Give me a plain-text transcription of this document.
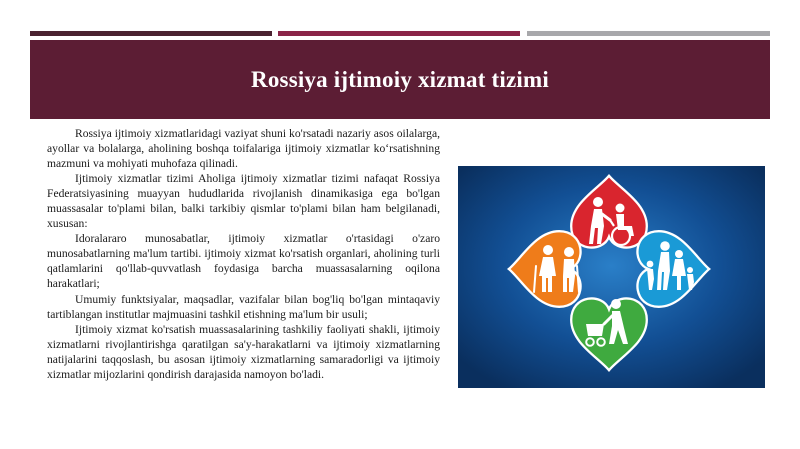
Rossiya ijtimoiy xizmat tizimi

Rossiya ijtimoiy xizmatlaridagi vaziyat shuni ko'rsatadi nazariy asos oilalarga, ayollar va bolalarga, aholining boshqa toifalariga ijtimoiy xizmatlar ko‘rsatishning mazmuni va mohiyati muhofaza qilinadi.

Ijtimoiy xizmatlar tizimi Aholiga ijtimoiy xizmatlar tizimi nafaqat Rossiya Federatsiyasining muayyan hududlarida rivojlanish dinamikasiga ega bo'lgan muassasalar to'plami bilan, balki tarkibiy qismlar to'plami bilan ham belgilanadi, xususan:

Idoralararo munosabatlar, ijtimoiy xizmatlar o'rtasidagi o'zaro munosabatlarning ma'lum tartibi. ijtimoiy xizmat ko'rsatish organlari, aholining turli qatlamlarini qo'llab-quvvatlash foydasiga barcha muassasalarning oqilona harakatlari;

Umumiy funktsiyalar, maqsadlar, vazifalar bilan bog'liq bo'lgan mintaqaviy tartiblangan institutlar majmuasini tashkil etishning ma'lum bir usuli;

Ijtimoiy xizmat ko'rsatish muassasalarining tashkiliy faoliyati shakli, ijtimoiy xizmatlarni rivojlantirishga qaratilgan sa'y-harakatlarni va ijtimoiy xizmatlarning natijalarini taqqoslash, bu asosan ijtimoiy xizmatlarning samaradorligi va ijtimoiy xizmatlar mijozlarini qondirish darajasida namoyon bo'ladi.
